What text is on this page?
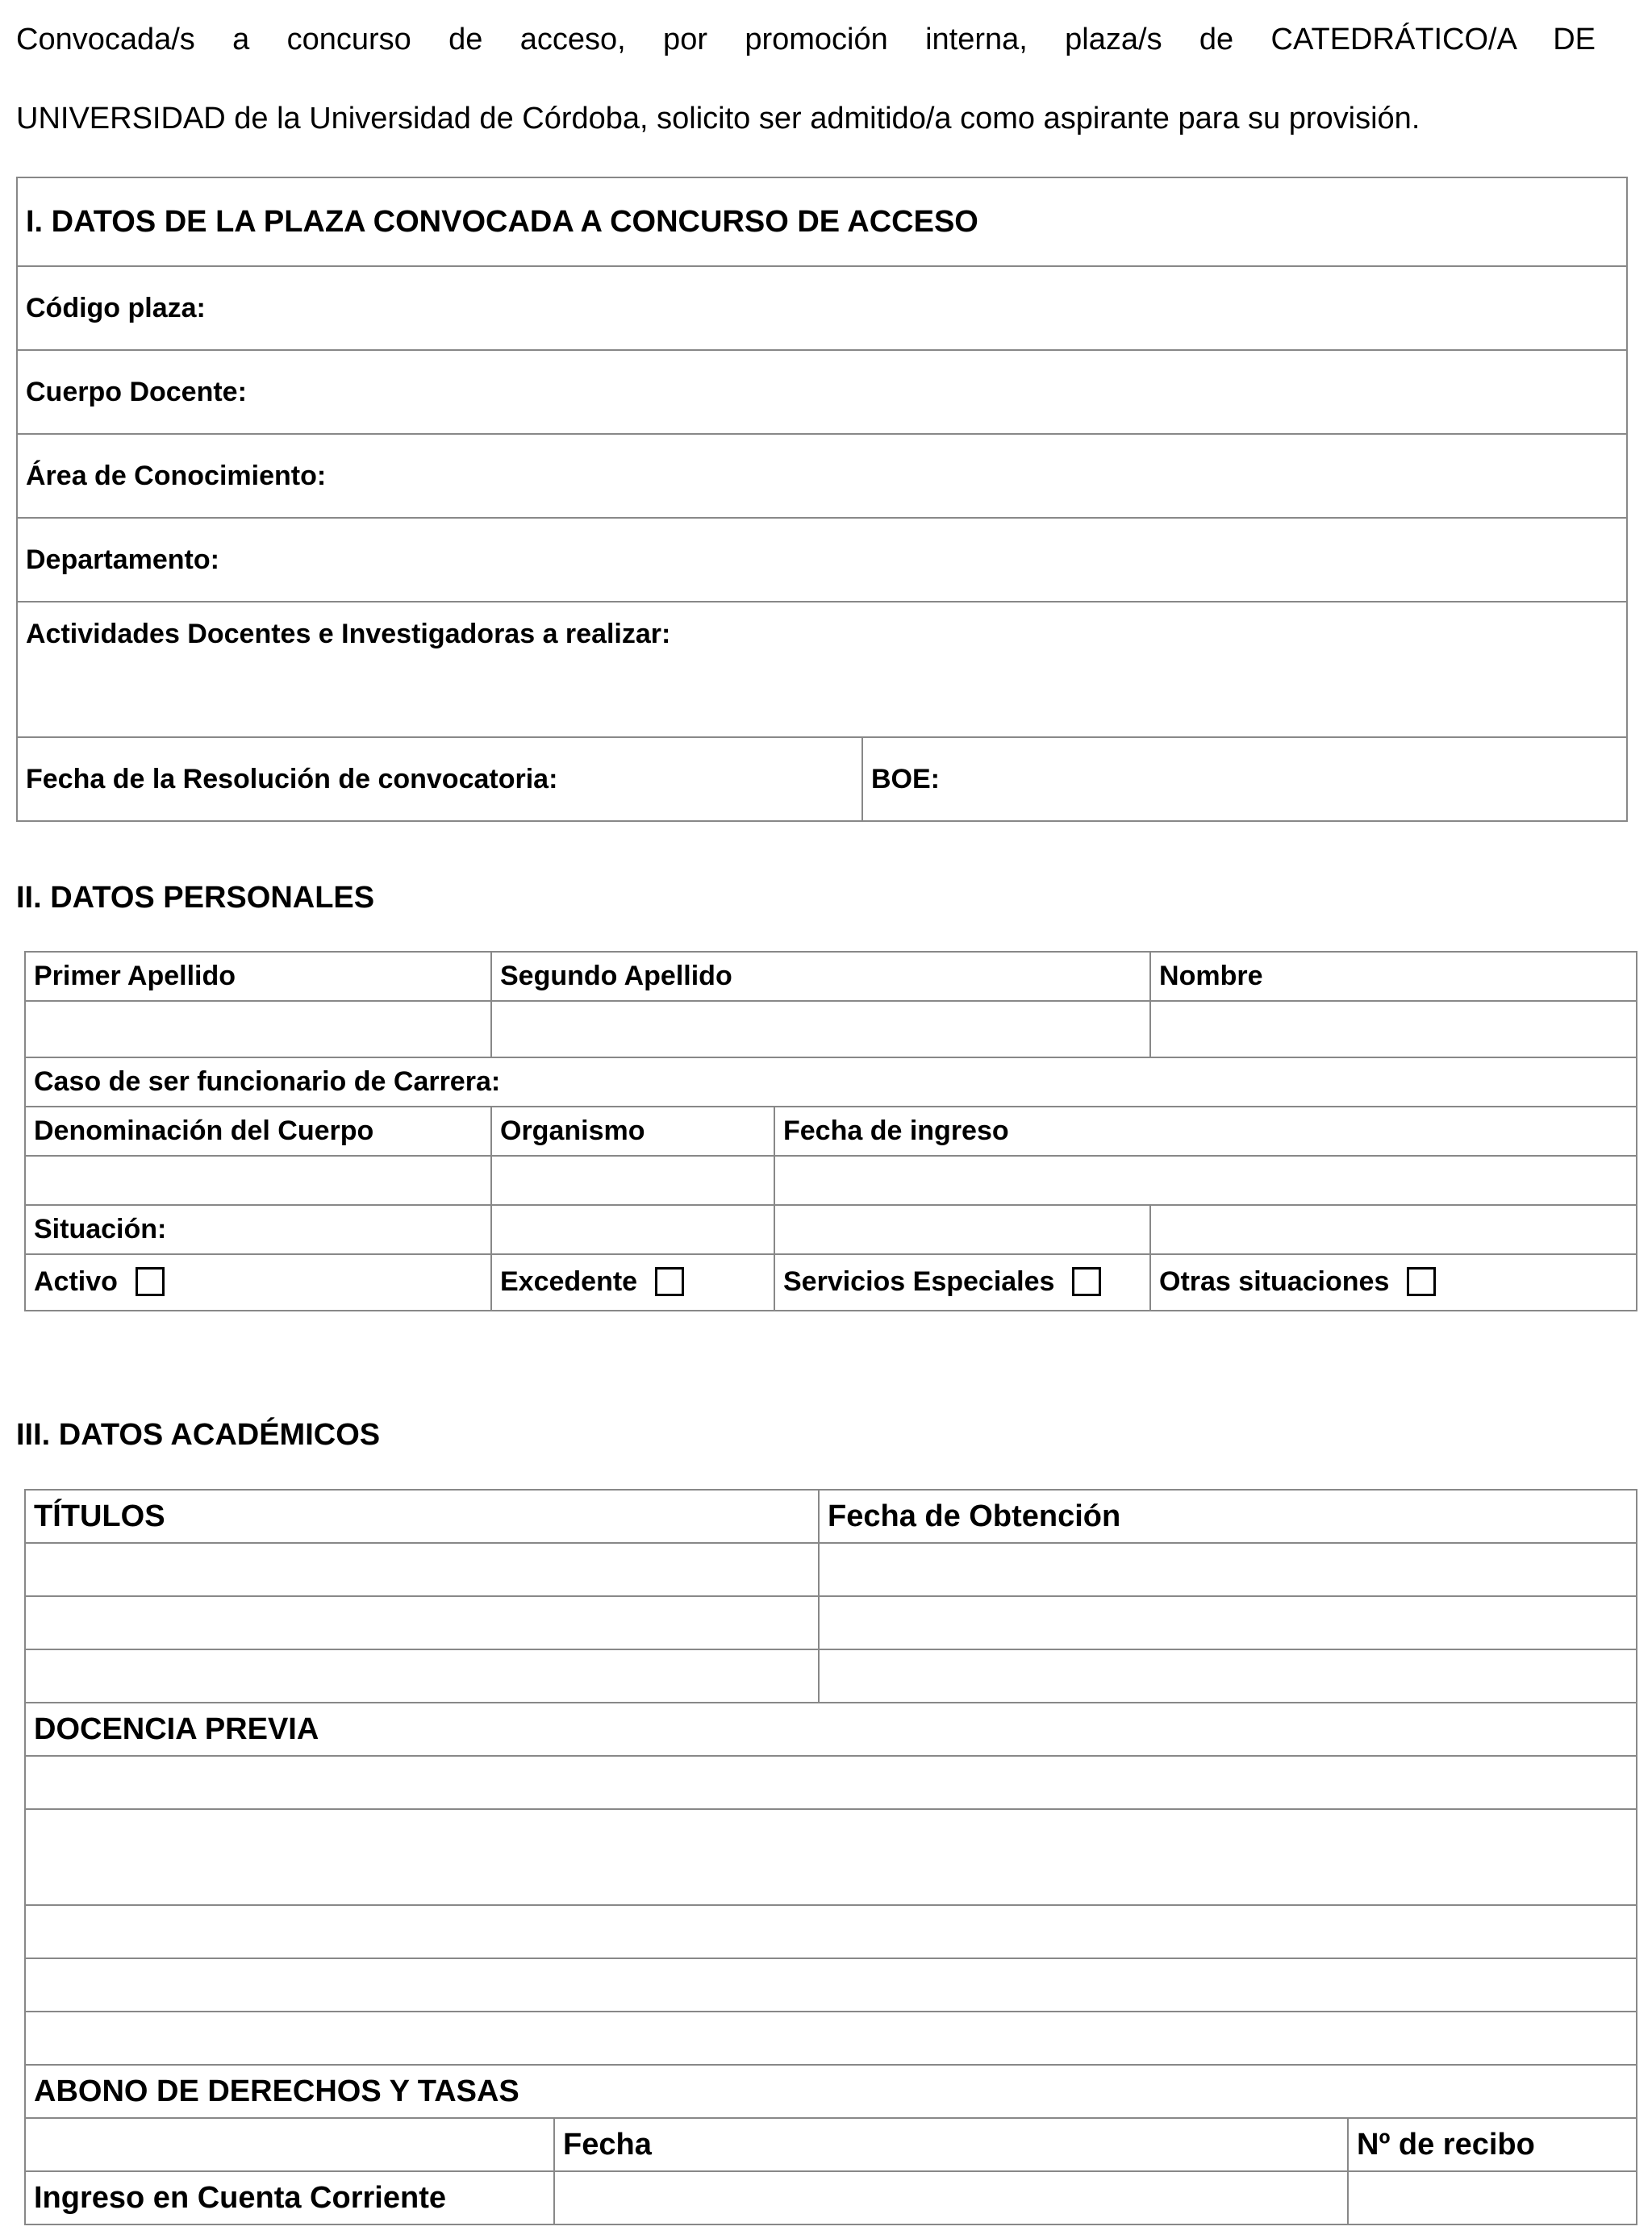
Convocada/s a concurso de acceso, por promoción interna, plaza/s de CATEDRÁTICO/A DE
UNIVERSIDAD de la Universidad de Córdoba, solicito ser admitido/a como aspirante para su provisión.
I. DATOS DE LA PLAZA CONVOCADA A CONCURSO DE ACCESO
Código plaza:
Cuerpo Docente:
Área de Conocimiento:
Departamento:
Actividades Docentes e Investigadoras a realizar:
Fecha de la Resolución de convocatoria:	BOE:
II. DATOS PERSONALES
Primer Apellido	Segundo Apellido		Nombre

Caso de ser funcionario de Carrera:			
Denominación del Cuerpo	Organismo	Fecha de ingreso	

Situación:			
Activo	Excedente	Servicios Especiales	Otras situaciones
III. DATOS ACADÉMICOS
TÍTULOS		Fecha de Obtención	

DOCENCIA PREVIA			

ABONO DE DERECHOS Y TASAS			
	Fecha		Nº de recibo
Ingreso en Cuenta Corriente			
